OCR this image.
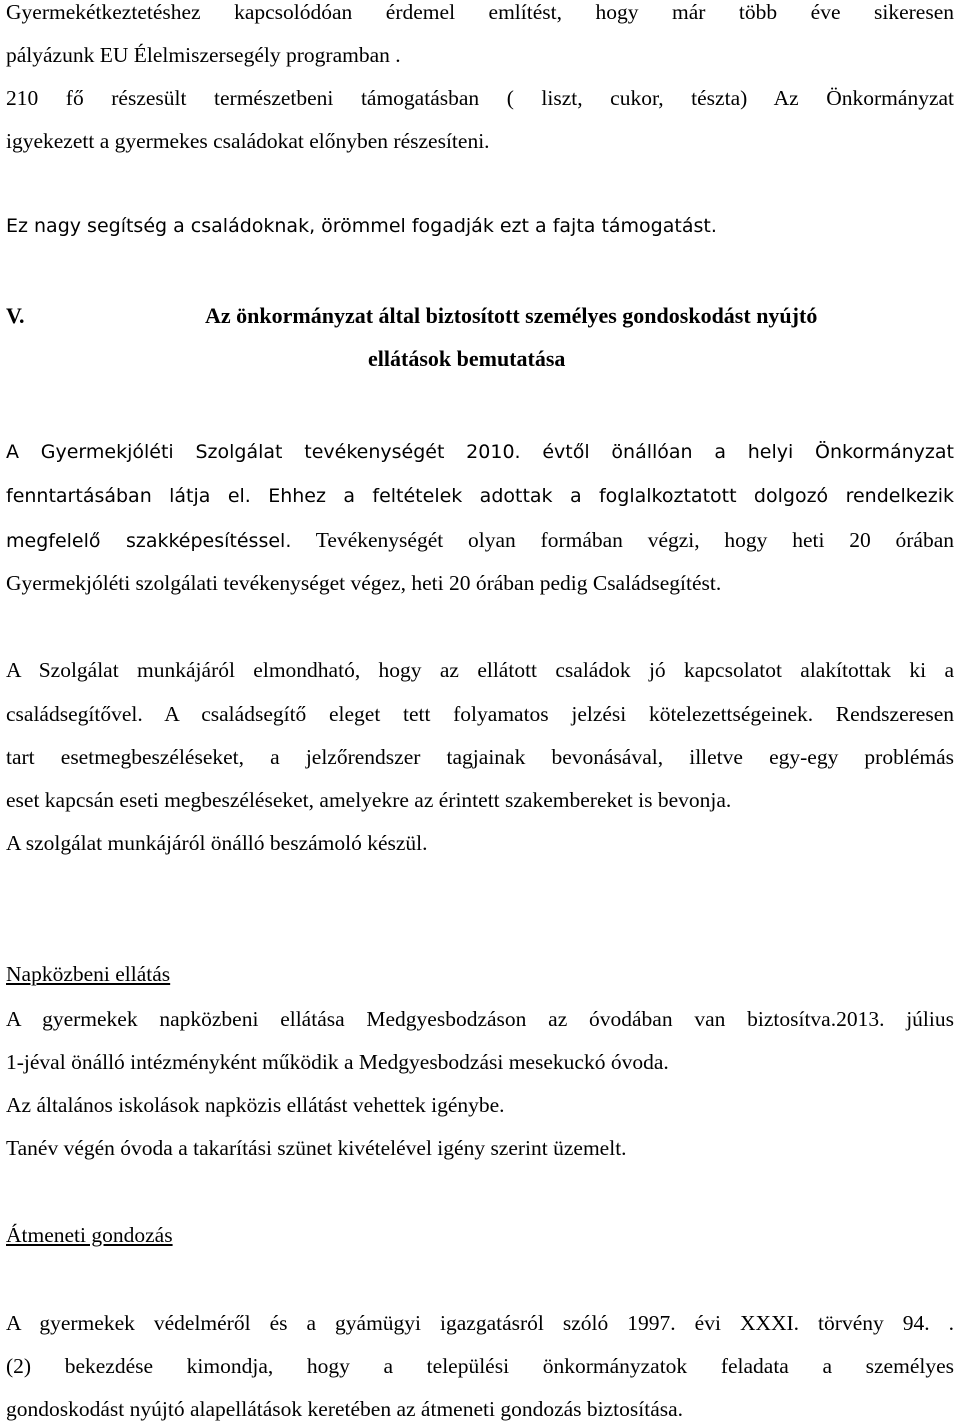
Gyermekétkeztetéshez kapcsolódóan érdemel említést, hogy már több éve sikeresen
pályázunk EU Élelmiszersegély programban .
210 fő részesült természetbeni támogatásban ( liszt, cukor, tészta) Az Önkormányzat
igyekezett a gyermekes családokat előnyben részesíteni.
Ez nagy segítség a családoknak, örömmel fogadják ezt a fajta támogatást.
V.	Az önkormányzat által biztosított személyes gondoskodást nyújtó
ellátások bemutatása
A Gyermekjóléti Szolgálat tevékenységét 2010. évtől önállóan a helyi Önkormányzat
fenntartásában látja el. Ehhez a feltételek adottak a foglalkoztatott dolgozó rendelkezik
megfelelő szakképesítéssel. Tevékenységét olyan formában végzi, hogy heti 20 órában
Gyermekjóléti szolgálati tevékenységet végez, heti 20 órában pedig Családsegítést.
A Szolgálat munkájáról elmondható, hogy az ellátott családok jó kapcsolatot alakítottak ki a
családsegítővel. A családsegítő eleget tett folyamatos jelzési kötelezettségeinek. Rendszeresen
tart esetmegbeszéléseket, a jelzőrendszer tagjainak bevonásával, illetve egy-egy problémás
eset kapcsán eseti megbeszéléseket, amelyekre az érintett szakembereket is bevonja.
A szolgálat munkájáról önálló beszámoló készül.
Napközbeni ellátás
A gyermekek napközbeni ellátása Medgyesbodzáson az óvodában van biztosítva.2013. július
1-jéval önálló intézményként működik a Medgyesbodzási mesekuckó óvoda.
Az általános iskolások napközis ellátást vehettek igénybe.
Tanév végén óvoda a takarítási szünet kivételével igény szerint üzemelt.
Átmeneti gondozás
A gyermekek védelméről és a gyámügyi igazgatásról szóló 1997. évi XXXI. törvény 94. .
(2) bekezdése kimondja, hogy a települési önkormányzatok feladata a személyes
gondoskodást nyújtó alapellátások keretében az átmeneti gondozás biztosítása.
